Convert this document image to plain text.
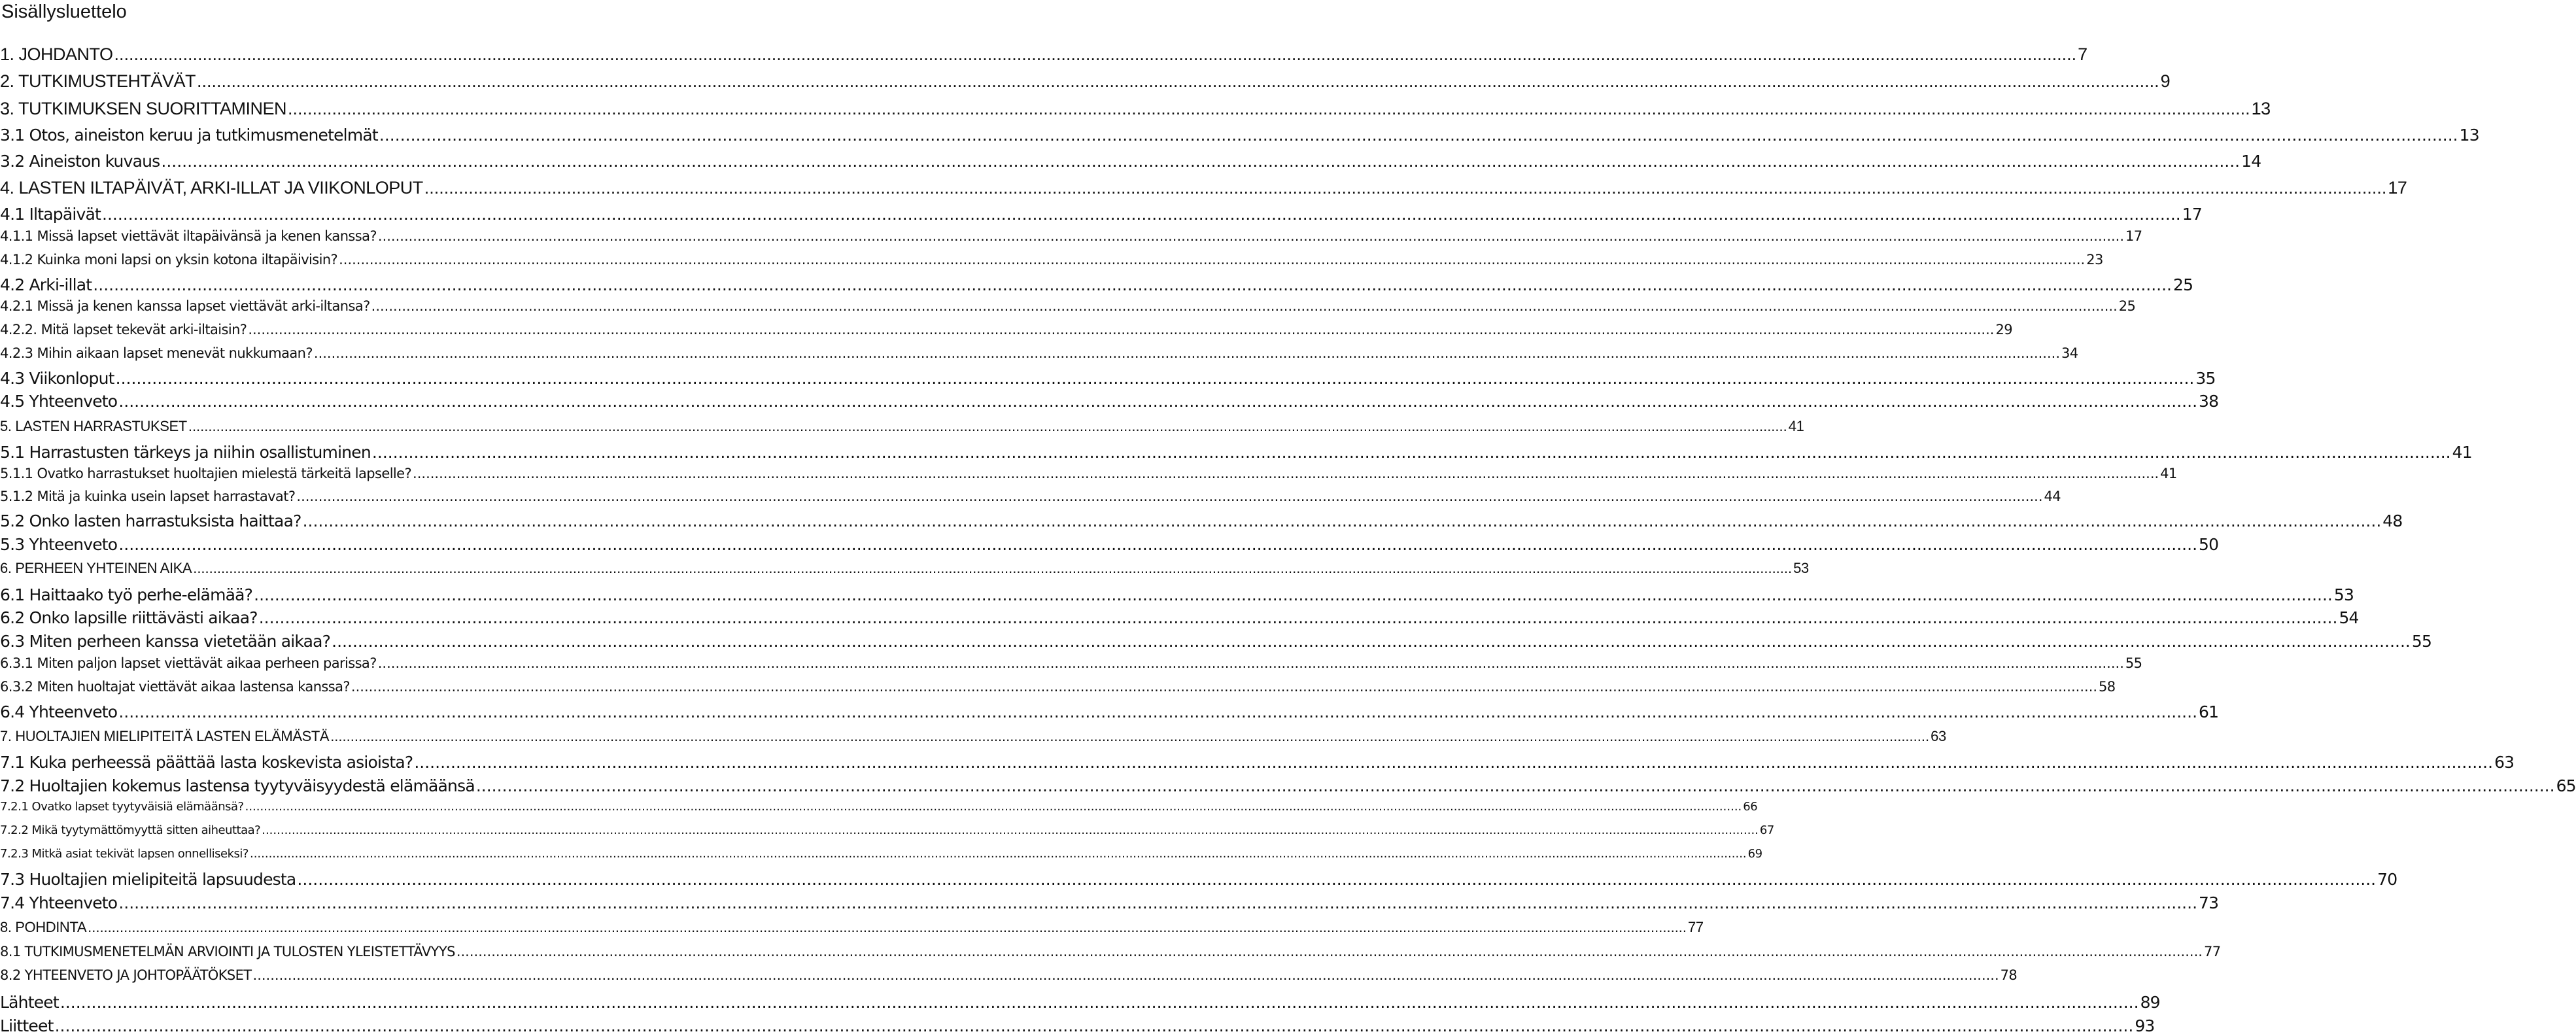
Sisällysluettelo
1. JOHDANTO ................................................................................................................................................................................................................................................................................................................................................................................................................ 7
2. TUTKIMUSTEHTÄVÄT ................................................................................................................................................................................................................................................................................................................................................................................................................ 9
3. TUTKIMUKSEN SUORITTAMINEN ................................................................................................................................................................................................................................................................................................................................................................................................................ 13
3.1 Otos, aineiston keruu ja tutkimusmenetelmät ................................................................................................................................................................................................................................................................................................................................................................................................................ 13
3.2 Aineiston kuvaus ................................................................................................................................................................................................................................................................................................................................................................................................................ 14
4. LASTEN ILTAPÄIVÄT, ARKI-ILLAT JA VIIKONLOPUT ................................................................................................................................................................................................................................................................................................................................................................................................................ 17
4.1 Iltapäivät ................................................................................................................................................................................................................................................................................................................................................................................................................ 17
4.1.1 Missä lapset viettävät iltapäivänsä ja kenen kanssa? ................................................................................................................................................................................................................................................................................................................................................................................................................ 17
4.1.2 Kuinka moni lapsi on yksin kotona iltapäivisin? ................................................................................................................................................................................................................................................................................................................................................................................................................ 23
4.2 Arki-illat ................................................................................................................................................................................................................................................................................................................................................................................................................ 25
4.2.1 Missä ja kenen kanssa lapset viettävät arki-iltansa? ................................................................................................................................................................................................................................................................................................................................................................................................................ 25
4.2.2. Mitä lapset tekevät arki-iltaisin? ................................................................................................................................................................................................................................................................................................................................................................................................................ 29
4.2.3 Mihin aikaan lapset menevät nukkumaan? ................................................................................................................................................................................................................................................................................................................................................................................................................ 34
4.3 Viikonloput ................................................................................................................................................................................................................................................................................................................................................................................................................ 35
4.5 Yhteenveto ................................................................................................................................................................................................................................................................................................................................................................................................................ 38
5. LASTEN HARRASTUKSET ................................................................................................................................................................................................................................................................................................................................................................................................................ 41
5.1 Harrastusten tärkeys ja niihin osallistuminen ................................................................................................................................................................................................................................................................................................................................................................................................................ 41
5.1.1 Ovatko harrastukset huoltajien mielestä tärkeitä lapselle? ................................................................................................................................................................................................................................................................................................................................................................................................................ 41
5.1.2 Mitä ja kuinka usein lapset harrastavat? ................................................................................................................................................................................................................................................................................................................................................................................................................ 44
5.2 Onko lasten harrastuksista haittaa? ................................................................................................................................................................................................................................................................................................................................................................................................................ 48
5.3 Yhteenveto ................................................................................................................................................................................................................................................................................................................................................................................................................ 50
6. PERHEEN YHTEINEN AIKA ................................................................................................................................................................................................................................................................................................................................................................................................................ 53
6.1 Haittaako työ perhe-elämää? ................................................................................................................................................................................................................................................................................................................................................................................................................ 53
6.2 Onko lapsille riittävästi aikaa? ................................................................................................................................................................................................................................................................................................................................................................................................................ 54
6.3 Miten perheen kanssa vietetään aikaa? ................................................................................................................................................................................................................................................................................................................................................................................................................ 55
6.3.1 Miten paljon lapset viettävät aikaa perheen parissa? ................................................................................................................................................................................................................................................................................................................................................................................................................ 55
6.3.2 Miten huoltajat viettävät aikaa lastensa kanssa? ................................................................................................................................................................................................................................................................................................................................................................................................................ 58
6.4 Yhteenveto ................................................................................................................................................................................................................................................................................................................................................................................................................ 61
7. HUOLTAJIEN MIELIPITEITÄ LASTEN ELÄMÄSTÄ ................................................................................................................................................................................................................................................................................................................................................................................................................ 63
7.1 Kuka perheessä päättää lasta koskevista asioista? ................................................................................................................................................................................................................................................................................................................................................................................................................ 63
7.2 Huoltajien kokemus lastensa tyytyväisyydestä elämäänsä ................................................................................................................................................................................................................................................................................................................................................................................................................ 65
7.2.1 Ovatko lapset tyytyväisiä elämäänsä? ................................................................................................................................................................................................................................................................................................................................................................................................................ 66
7.2.2 Mikä tyytymättömyyttä sitten aiheuttaa? ................................................................................................................................................................................................................................................................................................................................................................................................................ 67
7.2.3 Mitkä asiat tekivät lapsen onnelliseksi? ................................................................................................................................................................................................................................................................................................................................................................................................................ 69
7.3 Huoltajien mielipiteitä lapsuudesta ................................................................................................................................................................................................................................................................................................................................................................................................................ 70
7.4 Yhteenveto ................................................................................................................................................................................................................................................................................................................................................................................................................ 73
8. POHDINTA ................................................................................................................................................................................................................................................................................................................................................................................................................ 77
8.1 TUTKIMUSMENETELMÄN ARVIOINTI JA TULOSTEN YLEISTETTÄVYYS ................................................................................................................................................................................................................................................................................................................................................................................................................ 77
8.2 YHTEENVETO JA JOHTOPÄÄTÖKSET ................................................................................................................................................................................................................................................................................................................................................................................................................ 78
Lähteet ................................................................................................................................................................................................................................................................................................................................................................................................................ 89
Liitteet ................................................................................................................................................................................................................................................................................................................................................................................................................ 93
